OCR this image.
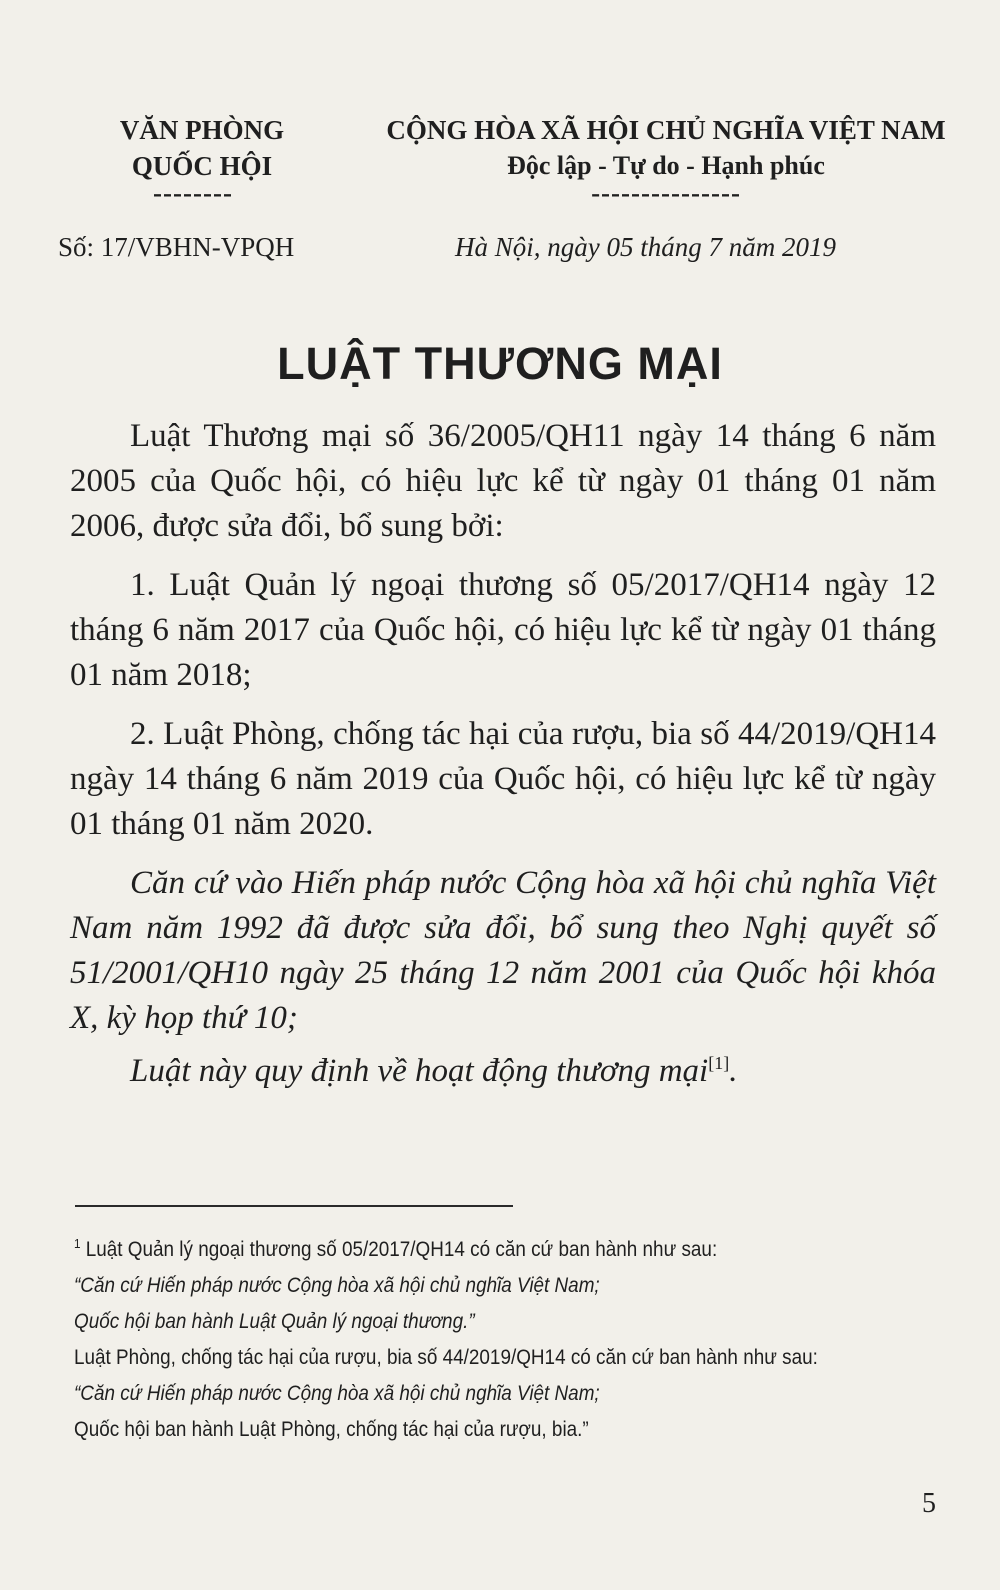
VĂN PHÒNG
QUỐC HỘI
--------
CỘNG HÒA XÃ HỘI CHỦ NGHĨA VIỆT NAM
Độc lập - Tự do - Hạnh phúc
---------------
Số: 17/VBHN-VPQH	Hà Nội, ngày 05 tháng 7 năm 2019
LUẬT THƯƠNG MẠI

Luật Thương mại số 36/2005/QH11 ngày 14 tháng 6 năm 2005 của Quốc hội, có hiệu lực kể từ ngày 01 tháng 01 năm 2006, được sửa đổi, bổ sung bởi:

1. Luật Quản lý ngoại thương số 05/2017/QH14 ngày 12 tháng 6 năm 2017 của Quốc hội, có hiệu lực kể từ ngày 01 tháng 01 năm 2018;

2. Luật Phòng, chống tác hại của rượu, bia số 44/2019/QH14 ngày 14 tháng 6 năm 2019 của Quốc hội, có hiệu lực kể từ ngày 01 tháng 01 năm 2020.

Căn cứ vào Hiến pháp nước Cộng hòa xã hội chủ nghĩa Việt Nam năm 1992 đã được sửa đổi, bổ sung theo Nghị quyết số 51/2001/QH10 ngày 25 tháng 12 năm 2001 của Quốc hội khóa X, kỳ họp thứ 10;

Luật này quy định về hoạt động thương mại[1].

$^1$ Luật Quản lý ngoại thương số 05/2017/QH14 có căn cứ ban hành như sau:
“Căn cứ Hiến pháp nước Cộng hòa xã hội chủ nghĩa Việt Nam;
Quốc hội ban hành Luật Quản lý ngoại thương.”
Luật Phòng, chống tác hại của rượu, bia số 44/2019/QH14 có căn cứ ban hành như sau:
“Căn cứ Hiến pháp nước Cộng hòa xã hội chủ nghĩa Việt Nam;
Quốc hội ban hành Luật Phòng, chống tác hại của rượu, bia.”
5
